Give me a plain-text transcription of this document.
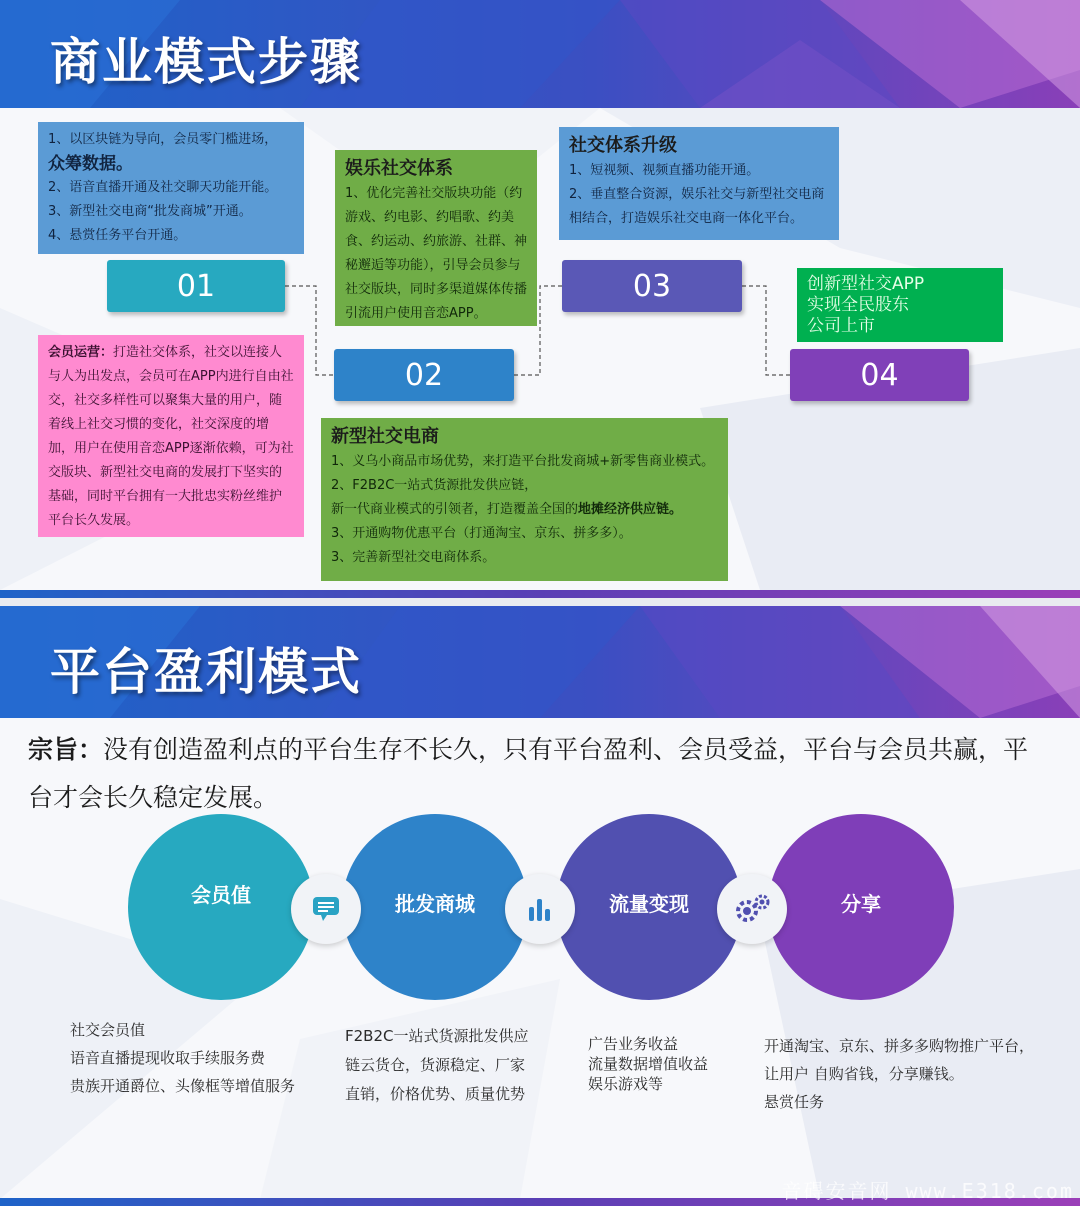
商业模式步骤

1、以区块链为导向，会员零门槛进场，

众筹数据。

2、语音直播开通及社交聊天功能开能。

3、新型社交电商“批发商城”开通。

4、悬赏任务平台开通。

娱乐社交体系

1、优化完善社交版块功能（约游戏、约电影、约唱歌、约美食、约运动、约旅游、社群、神秘邂逅等功能），引导会员参与社交版块，同时多渠道媒体传播引流用户使用音恋APP。

社交体系升级

1、短视频、视频直播功能开通。

2、垂直整合资源，娱乐社交与新型社交电商相结合，打造娱乐社交电商一体化平台。

创新型社交APP

实现全民股东

公司上市

会员运营：打造社交体系，社交以连接人与人为出发点，会员可在APP内进行自由社交，社交多样性可以聚集大量的用户，随着线上社交习惯的变化，社交深度的增加，用户在使用音恋APP逐渐依赖，可为社交版块、新型社交电商的发展打下坚实的基础，同时平台拥有一大批忠实粉丝维护平台长久发展。

新型社交电商

1、义乌小商品市场优势，来打造平台批发商城+新零售商业模式。

2、F2B2C一站式货源批发供应链，

新一代商业模式的引领者，打造覆盖全国的地摊经济供应链。

3、开通购物优惠平台（打通淘宝、京东、拼多多）。

3、完善新型社交电商体系。

01
02
03
04
平台盈利模式
宗旨：没有创造盈利点的平台生存不长久，只有平台盈利、会员受益，平台与会员共赢，平台才会长久稳定发展。
会员值	批发商城	流量变现	分享

社交会员值

语音直播提现收取手续服务费

贵族开通爵位、头像框等增值服务

F2B2C一站式货源批发供应

链云货仓，货源稳定、厂家

直销，价格优势、质量优势

广告业务收益

流量数据增值收益

娱乐游戏等

开通淘宝、京东、拼多多购物推广平台，

让用户 自购省钱，分享赚钱。

悬赏任务

音碍安音网 www.E318.com
